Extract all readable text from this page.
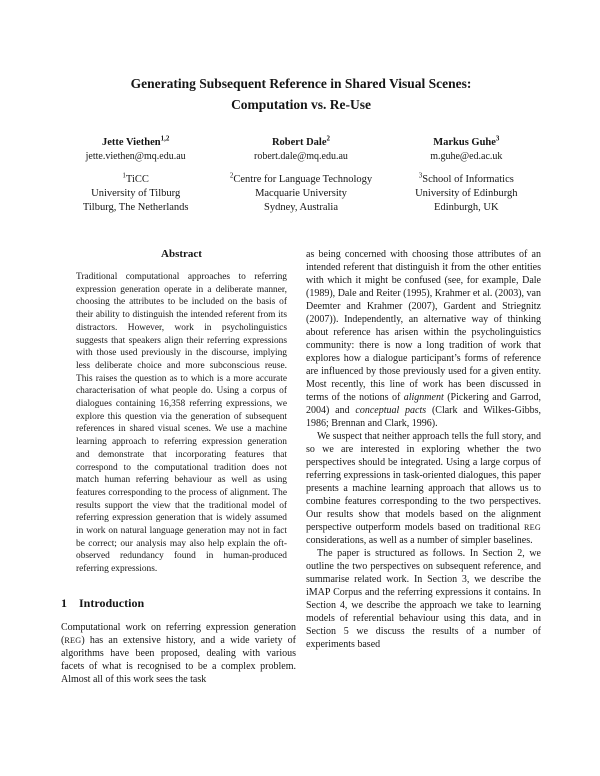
Generating Subsequent Reference in Shared Visual Scenes:
Computation vs. Re-Use
Jette Viethen$^{1,2}$
jette.viethen@mq.edu.au
$^1$TiCC
University of Tilburg
Tilburg, The Netherlands
Robert Dale$^2$
robert.dale@mq.edu.au
$^2$Centre for Language Technology
Macquarie University
Sydney, Australia
Markus Guhe$^3$
m.guhe@ed.ac.uk
$^3$School of Informatics
University of Edinburgh
Edinburgh, UK
Abstract

Traditional computational approaches to referring expression generation operate in a deliberate manner, choosing the attributes to be included on the basis of their ability to distinguish the intended referent from its distractors. However, work in psycholinguistics suggests that speakers align their referring expressions with those used previously in the discourse, implying less deliberate choice and more subconscious reuse. This raises the question as to which is a more accurate characterisation of what people do. Using a corpus of dialogues containing 16,358 referring expressions, we explore this question via the generation of subsequent references in shared visual scenes. We use a machine learning approach to referring expression generation and demonstrate that incorporating features that correspond to the computational tradition does not match human referring behaviour as well as using features corresponding to the process of alignment. The results support the view that the traditional model of referring expression generation that is widely assumed in work on natural language generation may not in fact be correct; our analysis may also help explain the oft-observed redundancy found in human-produced referring expressions.

1 Introduction

Computational work on referring expression generation (REG) has an extensive history, and a wide variety of algorithms have been proposed, dealing with various facets of what is recognised to be a complex problem. Almost all of this work sees the task

as being concerned with choosing those attributes of an intended referent that distinguish it from the other entities with which it might be confused (see, for example, Dale (1989), Dale and Reiter (1995), Krahmer et al. (2003), van Deemter and Krahmer (2007), Gardent and Striegnitz (2007)). Independently, an alternative way of thinking about reference has arisen within the psycholinguistics community: there is now a long tradition of work that explores how a dialogue participant’s forms of reference are influenced by those previously used for a given entity. Most recently, this line of work has been discussed in terms of the notions of alignment (Pickering and Garrod, 2004) and conceptual pacts (Clark and Wilkes-Gibbs, 1986; Brennan and Clark, 1996).

We suspect that neither approach tells the full story, and so we are interested in exploring whether the two perspectives should be integrated. Using a large corpus of referring expressions in task-oriented dialogues, this paper presents a machine learning approach that allows us to combine features corresponding to the two perspectives. Our results show that models based on the alignment perspective outperform models based on traditional REG considerations, as well as a number of simpler baselines.

The paper is structured as follows. In Section 2, we outline the two perspectives on subsequent reference, and summarise related work. In Section 3, we describe the iMAP Corpus and the referring expressions it contains. In Section 4, we describe the approach we take to learning models of referential behaviour using this data, and in Section 5 we discuss the results of a number of experiments based
